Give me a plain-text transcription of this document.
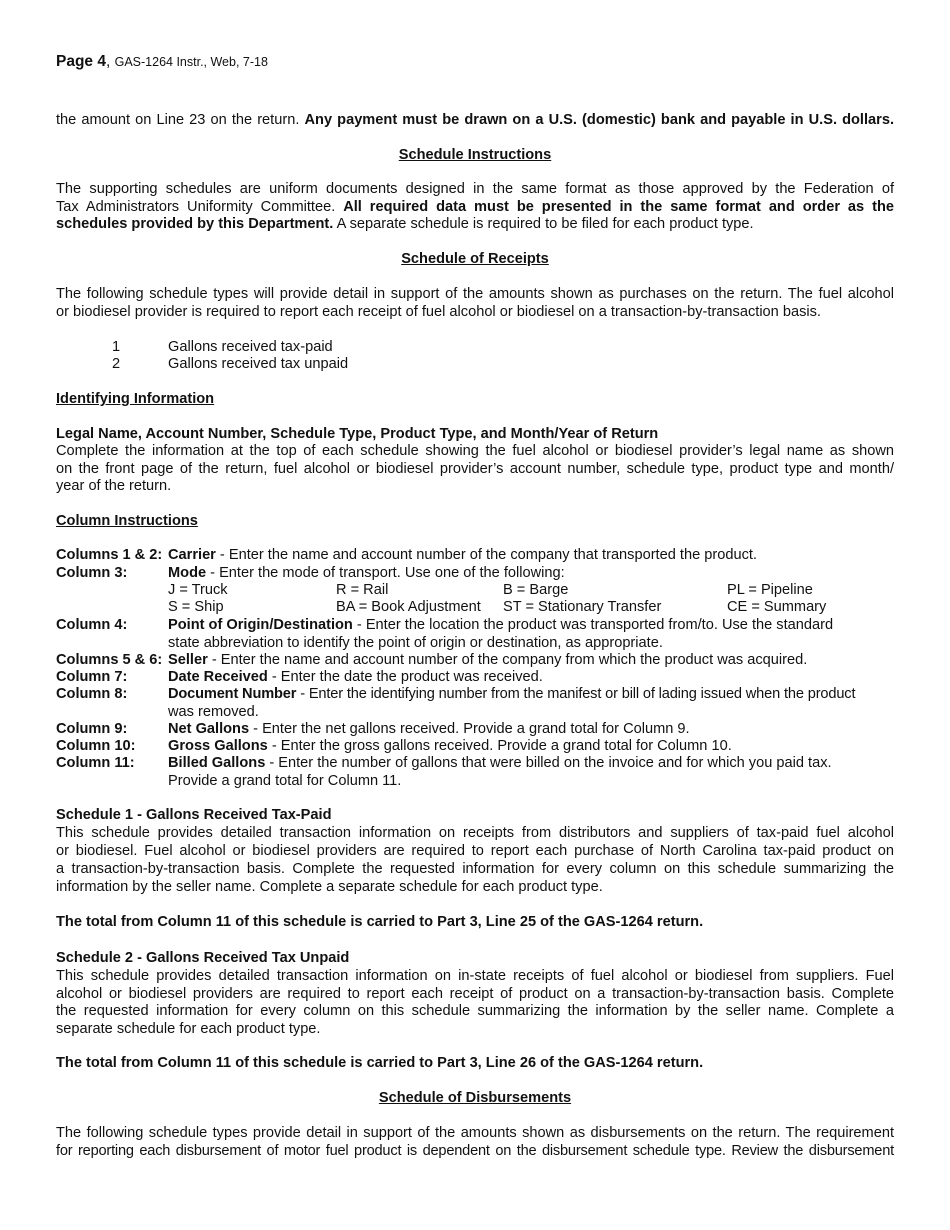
Page 4, GAS-1264 Instr., Web, 7-18
the amount on Line 23 on the return. Any payment must be drawn on a U.S. (domestic) bank and payable in U.S. dollars.
Schedule Instructions
The supporting schedules are uniform documents designed in the same format as those approved by the Federation of
Tax Administrators Uniformity Committee. All required data must be presented in the same format and order as the
schedules provided by this Department. A separate schedule is required to be filed for each product type.
Schedule of Receipts
The following schedule types will provide detail in support of the amounts shown as purchases on the return. The fuel alcohol
or biodiesel provider is required to report each receipt of fuel alcohol or biodiesel on a transaction-by-transaction basis.
1	Gallons received tax-paid
2	Gallons received tax unpaid
Identifying Information
Legal Name, Account Number, Schedule Type, Product Type, and Month/Year of Return
Complete the information at the top of each schedule showing the fuel alcohol or biodiesel provider’s legal name as shown
on the front page of the return, fuel alcohol or biodiesel provider’s account number, schedule type, product type and month/
year of the return.
Column Instructions
Columns 1 & 2: Carrier - Enter the name and account number of the company that transported the product.
Column 3:	Mode - Enter the mode of transport. Use one of the following:
J = Truck	R = Rail	B = Barge	PL = Pipeline
S = Ship	BA = Book Adjustment ST = Stationary Transfer	CE = Summary
Column 4:	Point of Origin/Destination - Enter the location the product was transported from/to. Use the standard
state abbreviation to identify the point of origin or destination, as appropriate.
Columns 5 & 6: Seller - Enter the name and account number of the company from which the product was acquired.
Column 7:	Date Received - Enter the date the product was received.
Column 8:	Document Number - Enter the identifying number from the manifest or bill of lading issued when the product
was removed.
Column 9:	Net Gallons - Enter the net gallons received. Provide a grand total for Column 9.
Column 10: Gross Gallons - Enter the gross gallons received. Provide a grand total for Column 10.
Column 11: Billed Gallons - Enter the number of gallons that were billed on the invoice and for which you paid tax.
Provide a grand total for Column 11.
Schedule 1 - Gallons Received Tax-Paid
This schedule provides detailed transaction information on receipts from distributors and suppliers of tax-paid fuel alcohol
or biodiesel. Fuel alcohol or biodiesel providers are required to report each purchase of North Carolina tax-paid product on
a transaction-by-transaction basis. Complete the requested information for every column on this schedule summarizing the
information by the seller name. Complete a separate schedule for each product type.
The total from Column 11 of this schedule is carried to Part 3, Line 25 of the GAS-1264 return.
Schedule 2 - Gallons Received Tax Unpaid
This schedule provides detailed transaction information on in-state receipts of fuel alcohol or biodiesel from suppliers. Fuel
alcohol or biodiesel providers are required to report each receipt of product on a transaction-by-transaction basis. Complete
the requested information for every column on this schedule summarizing the information by the seller name. Complete a
separate schedule for each product type.
The total from Column 11 of this schedule is carried to Part 3, Line 26 of the GAS-1264 return.
Schedule of Disbursements
The following schedule types provide detail in support of the amounts shown as disbursements on the return. The requirement
for reporting each disbursement of motor fuel product is dependent on the disbursement schedule type. Review the disbursement
